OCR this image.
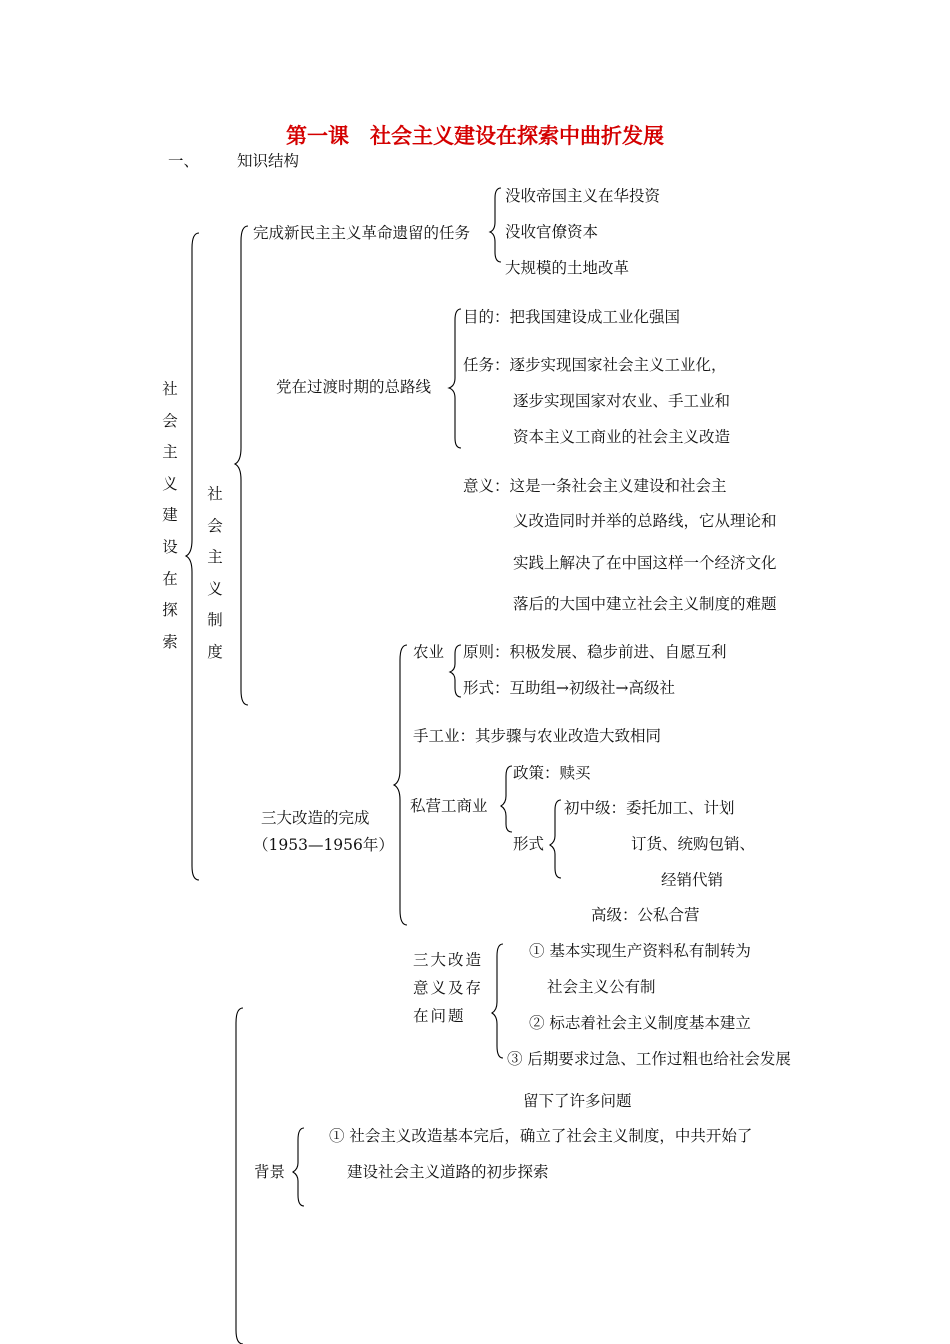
第一课　社会主义建设在探索中曲折发展
一、 知识结构
社会主义建设在探索
社会主义制度
完成新民主主义革命遗留的任务
没收帝国主义在华投资
没收官僚资本
大规模的土地改革
党在过渡时期的总路线
目的：把我国建设成工业化强国
任务：逐步实现国家社会主义工业化，
逐步实现国家对农业、手工业和
资本主义工商业的社会主义改造
意义：这是一条社会主义建设和社会主
义改造同时并举的总路线，它从理论和
实践上解决了在中国这样一个经济文化
落后的大国中建立社会主义制度的难题
三大改造的完成
（1953—1956年）
农业 原则：积极发展、稳步前进、自愿互利
形式：互助组→初级社→高级社
手工业：其步骤与农业改造大致相同
私营工商业
政策：赎买
形式
初中级：委托加工、计划
订货、统购包销、
经销代销
高级：公私合营
三大改造意义及存在问题
① 基本实现生产资料私有制转为
社会主义公有制
② 标志着社会主义制度基本建立
③ 后期要求过急、工作过粗也给社会发展
留下了许多问题
背景
① 社会主义改造基本完后，确立了社会主义制度，中共开始了
建设社会主义道路的初步探索
